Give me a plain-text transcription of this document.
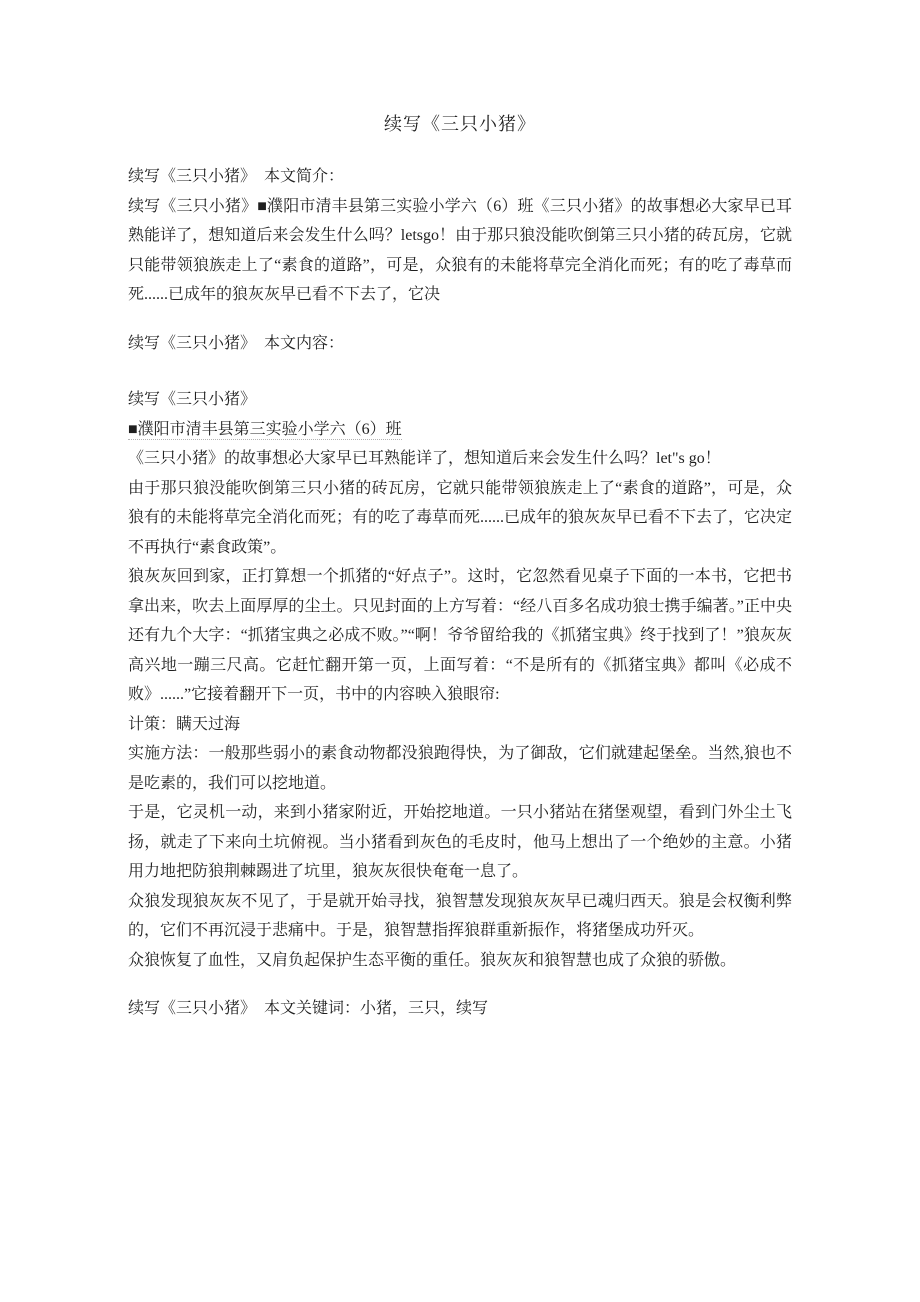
续写《三只小猪》

续写《三只小猪》　本文简介：

续写《三只小猪》■濮阳市清丰县第三实验小学六（6）班《三只小猪》的故事想必大家早已耳熟能详了，想知道后来会发生什么吗？letsgo！由于那只狼没能吹倒第三只小猪的砖瓦房，它就只能带领狼族走上了“素食的道路”，可是，众狼有的未能将草完全消化而死；有的吃了毒草而死......已成年的狼灰灰早已看不下去了，它决

续写《三只小猪》　本文内容：

续写《三只小猪》

■濮阳市清丰县第三实验小学六（6）班

《三只小猪》的故事想必大家早已耳熟能详了，想知道后来会发生什么吗？let"s go！

由于那只狼没能吹倒第三只小猪的砖瓦房，它就只能带领狼族走上了“素食的道路”，可是，众狼有的未能将草完全消化而死；有的吃了毒草而死......已成年的狼灰灰早已看不下去了，它决定不再执行“素食政策”。

狼灰灰回到家，正打算想一个抓猪的“好点子”。这时，它忽然看见桌子下面的一本书，它把书拿出来，吹去上面厚厚的尘土。只见封面的上方写着：“经八百多名成功狼士携手编著。”正中央还有九个大字：“抓猪宝典之必成不败。”“啊！爷爷留给我的《抓猪宝典》终于找到了！”狼灰灰高兴地一蹦三尺高。它赶忙翻开第一页，上面写着：“不是所有的《抓猪宝典》都叫《必成不败》......”它接着翻开下一页，书中的内容映入狼眼帘:

计策：瞒天过海

实施方法：一般那些弱小的素食动物都没狼跑得快，为了御敌，它们就建起堡垒。当然,狼也不是吃素的，我们可以挖地道。

于是，它灵机一动，来到小猪家附近，开始挖地道。一只小猪站在猪堡观望，看到门外尘土飞扬，就走了下来向土坑俯视。当小猪看到灰色的毛皮时，他马上想出了一个绝妙的主意。小猪用力地把防狼荆棘踢进了坑里，狼灰灰很快奄奄一息了。

众狼发现狼灰灰不见了，于是就开始寻找，狼智慧发现狼灰灰早已魂归西天。狼是会权衡利弊的，它们不再沉浸于悲痛中。于是，狼智慧指挥狼群重新振作，将猪堡成功歼灭。

众狼恢复了血性，又肩负起保护生态平衡的重任。狼灰灰和狼智慧也成了众狼的骄傲。

续写《三只小猪》　本文关键词：小猪，三只，续写
